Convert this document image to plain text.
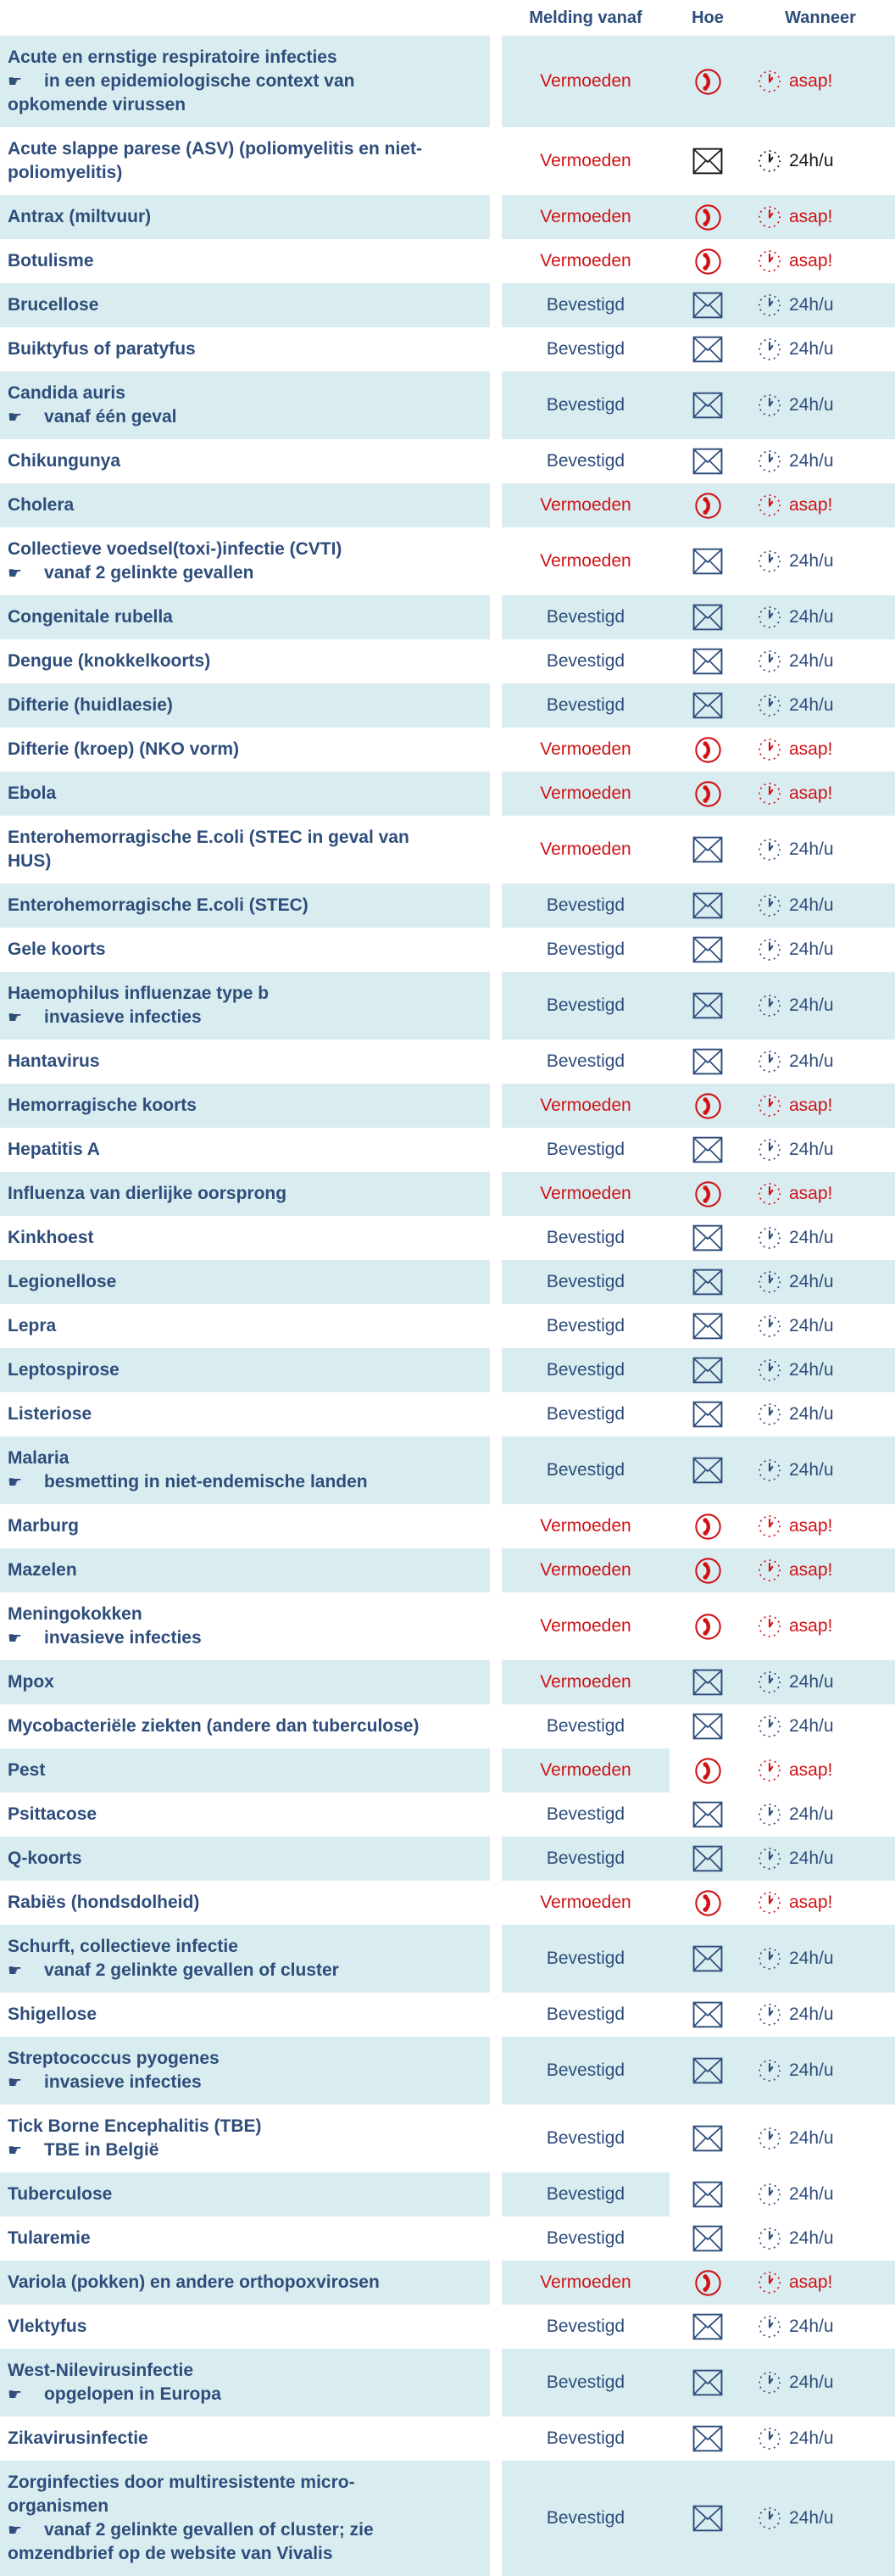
Melding vanaf	Hoe	Wanneer
Acute en ernstige respiratoire infecties
☛ in een epidemiologische context van opkomende virussen
Vermoeden	asap!
Acute slappe parese (ASV) (poliomyelitis en niet-poliomyelitis)
Vermoeden	24h/u
Antrax (miltvuur)	Vermoeden	asap!
Botulisme	Vermoeden	asap!
Brucellose	Bevestigd	24h/u
Buiktyfus of paratyfus	Bevestigd	24h/u
Candida auris
☛ vanaf één geval
Bevestigd	24h/u
Chikungunya	Bevestigd	24h/u
Cholera	Vermoeden	asap!
Collectieve voedsel(toxi-)infectie (CVTI)
☛ vanaf 2 gelinkte gevallen
Vermoeden	24h/u
Congenitale rubella	Bevestigd	24h/u
Dengue (knokkelkoorts)	Bevestigd	24h/u
Difterie (huidlaesie)	Bevestigd	24h/u
Difterie (kroep) (NKO vorm)	Vermoeden	asap!
Ebola	Vermoeden	asap!
Enterohemorragische E.coli (STEC in geval van HUS)
Vermoeden	24h/u
Enterohemorragische E.coli (STEC)	Bevestigd	24h/u
Gele koorts	Bevestigd	24h/u
Haemophilus influenzae type b
☛ invasieve infecties
Bevestigd	24h/u
Hantavirus	Bevestigd	24h/u
Hemorragische koorts	Vermoeden	asap!
Hepatitis A	Bevestigd	24h/u
Influenza van dierlijke oorsprong	Vermoeden	asap!
Kinkhoest	Bevestigd	24h/u
Legionellose	Bevestigd	24h/u
Lepra	Bevestigd	24h/u
Leptospirose	Bevestigd	24h/u
Listeriose	Bevestigd	24h/u
Malaria
☛ besmetting in niet-endemische landen
Bevestigd	24h/u
Marburg	Vermoeden	asap!
Mazelen	Vermoeden	asap!
Meningokokken
☛ invasieve infecties
Vermoeden	asap!
Mpox	Vermoeden	24h/u
Mycobacteriële ziekten (andere dan tuberculose)	Bevestigd	24h/u
Pest	Vermoeden	asap!
Psittacose	Bevestigd	24h/u
Q-koorts	Bevestigd	24h/u
Rabiës (hondsdolheid)	Vermoeden	asap!
Schurft, collectieve infectie
☛ vanaf 2 gelinkte gevallen of cluster
Bevestigd	24h/u
Shigellose	Bevestigd	24h/u
Streptococcus pyogenes
☛ invasieve infecties
Bevestigd	24h/u
Tick Borne Encephalitis (TBE)
☛ TBE in België
Bevestigd	24h/u
Tuberculose	Bevestigd	24h/u
Tularemie	Bevestigd	24h/u
Variola (pokken) en andere orthopoxvirosen	Vermoeden	asap!
Vlektyfus	Bevestigd	24h/u
West-Nilevirusinfectie
☛ opgelopen in Europa
Bevestigd	24h/u
Zikavirusinfectie	Bevestigd	24h/u
Zorginfecties door multiresistente micro-organismen
☛ vanaf 2 gelinkte gevallen of cluster; zie omzendbrief op de website van Vivalis
Bevestigd	24h/u
